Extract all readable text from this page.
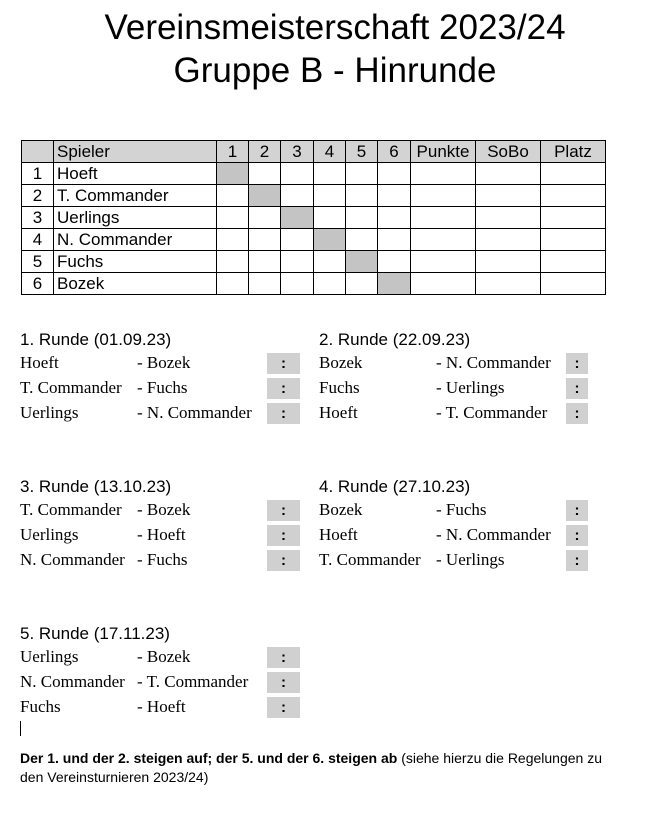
Vereinsmeisterschaft 2023/24
Gruppe B - Hinrunde
	Spieler	1	2	3	4	5	6	Punkte	SoBo	Platz
1	Hoeft									
2	T. Commander									
3	Uerlings									
4	N. Commander									
5	Fuchs									
6	Bozek									
1. Runde (01.09.23)
Hoeft	- Bozek	:
T. Commander - Fuchs	:
Uerlings	- N. Commander	:
2. Runde (22.09.23)
Bozek	- N. Commander	:
Fuchs	- Uerlings	:
Hoeft	- T. Commander	:
3. Runde (13.10.23)
T. Commander - Bozek	:
Uerlings	- Hoeft	:
N. Commander - Fuchs	:
4. Runde (27.10.23)
Bozek	- Fuchs	:
Hoeft	- N. Commander	:
T. Commander - Uerlings	:
5. Runde (17.11.23)
Uerlings	- Bozek	:
N. Commander - T. Commander	:
Fuchs	- Hoeft	:
Der 1. und der 2. steigen auf; der 5. und der 6. steigen ab (siehe hierzu die Regelungen zu den Vereinsturnieren 2023/24)
